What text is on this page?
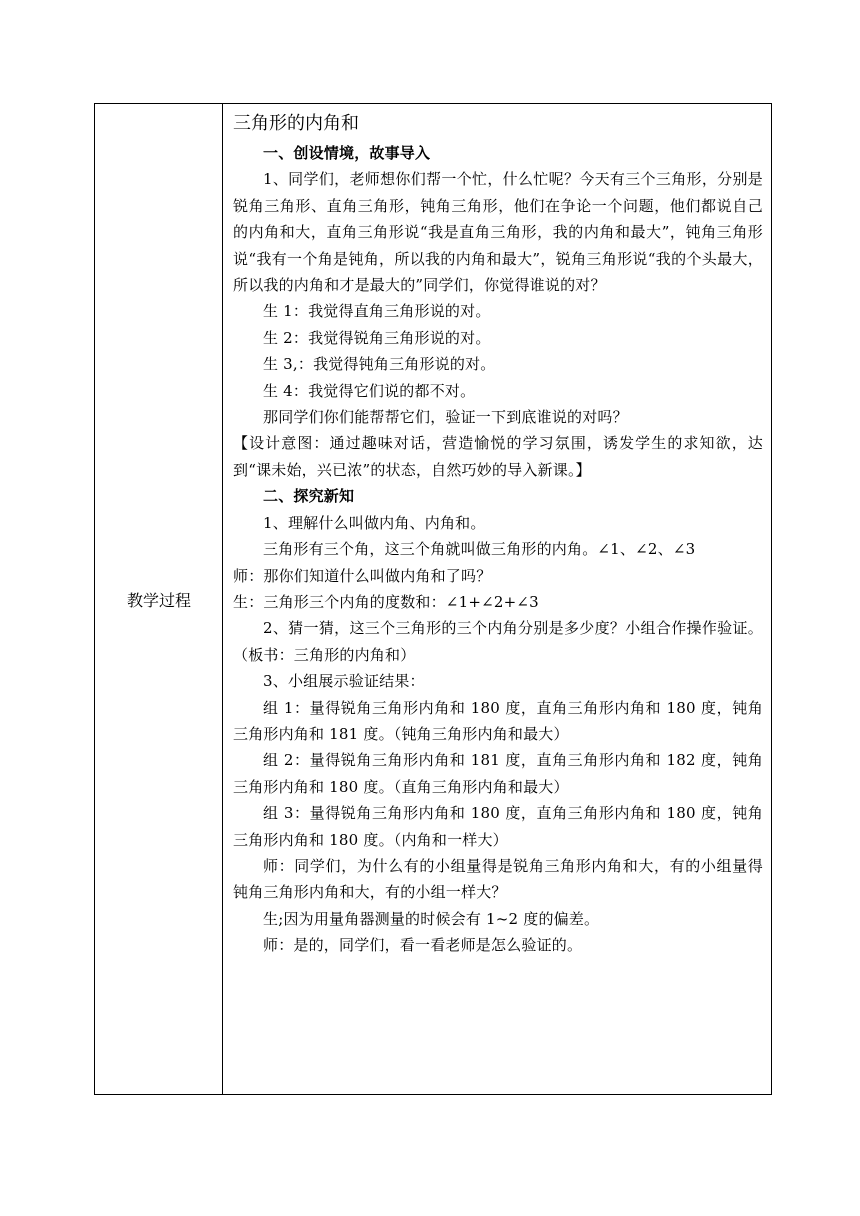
教学过程
三角形的内角和

一、创设情境，故事导入

1、同学们，老师想你们帮一个忙，什么忙呢？今天有三个三角形，分别是锐角三角形、直角三角形，钝角三角形，他们在争论一个问题，他们都说自己的内角和大，直角三角形说“我是直角三角形，我的内角和最大”，钝角三角形说“我有一个角是钝角，所以我的内角和最大”，锐角三角形说“我的个头最大，所以我的内角和才是最大的”同学们，你觉得谁说的对？

生 1：我觉得直角三角形说的对。

生 2：我觉得锐角三角形说的对。

生 3,：我觉得钝角三角形说的对。

生 4：我觉得它们说的都不对。

那同学们你们能帮帮它们，验证一下到底谁说的对吗？

【设计意图：通过趣味对话，营造愉悦的学习氛围，诱发学生的求知欲，达到“课未始，兴已浓”的状态，自然巧妙的导入新课。】

二、探究新知

1、理解什么叫做内角、内角和。

三角形有三个角，这三个角就叫做三角形的内角。∠1、∠2、∠3

师：那你们知道什么叫做内角和了吗？

生：三角形三个内角的度数和：∠1+∠2+∠3

2、猜一猜，这三个三角形的三个内角分别是多少度？小组合作操作验证。（板书：三角形的内角和）

3、小组展示验证结果：

组 1：量得锐角三角形内角和 180 度，直角三角形内角和 180 度，钝角三角形内角和 181 度。（钝角三角形内角和最大）

组 2：量得锐角三角形内角和 181 度，直角三角形内角和 182 度，钝角三角形内角和 180 度。（直角三角形内角和最大）

组 3：量得锐角三角形内角和 180 度，直角三角形内角和 180 度，钝角三角形内角和 180 度。（内角和一样大）

师：同学们，为什么有的小组量得是锐角三角形内角和大，有的小组量得钝角三角形内角和大，有的小组一样大？

生;因为用量角器测量的时候会有 1~2 度的偏差。

师：是的，同学们，看一看老师是怎么验证的。
